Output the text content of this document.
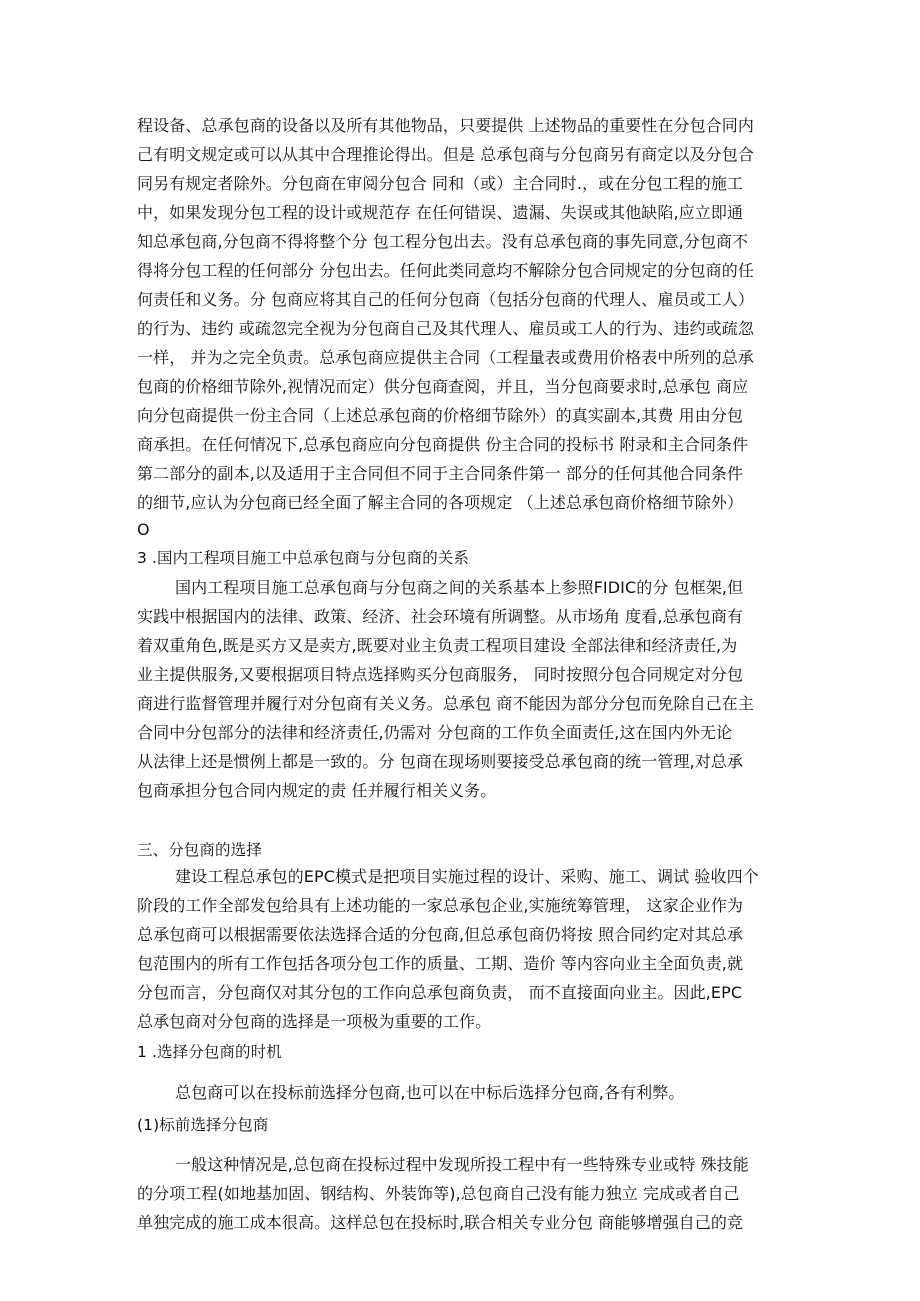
程设备、总承包商的设备以及所有其他物品，只要提供 上述物品的重要性在分包合同内
己有明文规定或可以从其中合理推论得出。但是 总承包商与分包商另有商定以及分包合
同另有规定者除外。分包商在审阅分包合 同和（或）主合同时.，或在分包工程的施工
中，如果发现分包工程的设计或规范存 在任何错误、遗漏、失误或其他缺陷,应立即通
知总承包商,分包商不得将整个分 包工程分包出去。没有总承包商的事先同意,分包商不
得将分包工程的任何部分 分包出去。任何此类同意均不解除分包合同规定的分包商的任
何责任和义务。分 包商应将其自己的任何分包商（包括分包商的代理人、雇员或工人）
的行为、违约 或疏忽完全视为分包商自己及其代理人、雇员或工人的行为、违约或疏忽
一样， 并为之完全负责。总承包商应提供主合同（工程量表或费用价格表中所列的总承
包商的价格细节除外,视情况而定）供分包商查阅，并且，当分包商要求时,总承包 商应
向分包商提供一份主合同（上述总承包商的价格细节除外）的真实副本,其费 用由分包
商承担。在任何情况下,总承包商应向分包商提供 份主合同的投标书 附录和主合同条件
第二部分的副本,以及适用于主合同但不同于主合同条件第一 部分的任何其他合同条件
的细节,应认为分包商已经全面了解主合同的各项规定 （上述总承包商价格细节除外）
O
3 .国内工程项目施工中总承包商与分包商的关系
国内工程项目施工总承包商与分包商之间的关系基本上参照FIDIC的分 包框架,但
实践中根据国内的法律、政策、经济、社会环境有所调整。从市场角 度看,总承包商有
着双重角色,既是买方又是卖方,既要对业主负责工程项目建设 全部法律和经济责任,为
业主提供服务,又要根据项目特点选择购买分包商服务， 同时按照分包合同规定对分包
商进行监督管理并履行对分包商有关义务。总承包 商不能因为部分分包而免除自己在主
合同中分包部分的法律和经济责任,仍需对 分包商的工作负全面责任,这在国内外无论
从法律上还是惯例上都是一致的。分 包商在现场则要接受总承包商的统一管理,对总承
包商承担分包合同内规定的责 任并履行相关义务。
三、分包商的选择
建设工程总承包的EPC模式是把项目实施过程的设计、采购、施工、调试 验收四个
阶段的工作全部发包给具有上述功能的一家总承包企业,实施统筹管理， 这家企业作为
总承包商可以根据需要依法选择合适的分包商,但总承包商仍将按 照合同约定对其总承
包范围内的所有工作包括各项分包工作的质量、工期、造价 等内容向业主全面负责,就
分包而言，分包商仅对其分包的工作向总承包商负责， 而不直接面向业主。因此,EPC
总承包商对分包商的选择是一项极为重要的工作。
1 .选择分包商的时机
总包商可以在投标前选择分包商,也可以在中标后选择分包商,各有利弊。
(1)标前选择分包商
一般这种情况是,总包商在投标过程中发现所投工程中有一些特殊专业或特 殊技能
的分项工程(如地基加固、钢结构、外装饰等),总包商自己没有能力独立 完成或者自己
单独完成的施工成本很高。这样总包在投标时,联合相关专业分包 商能够增强自己的竞
